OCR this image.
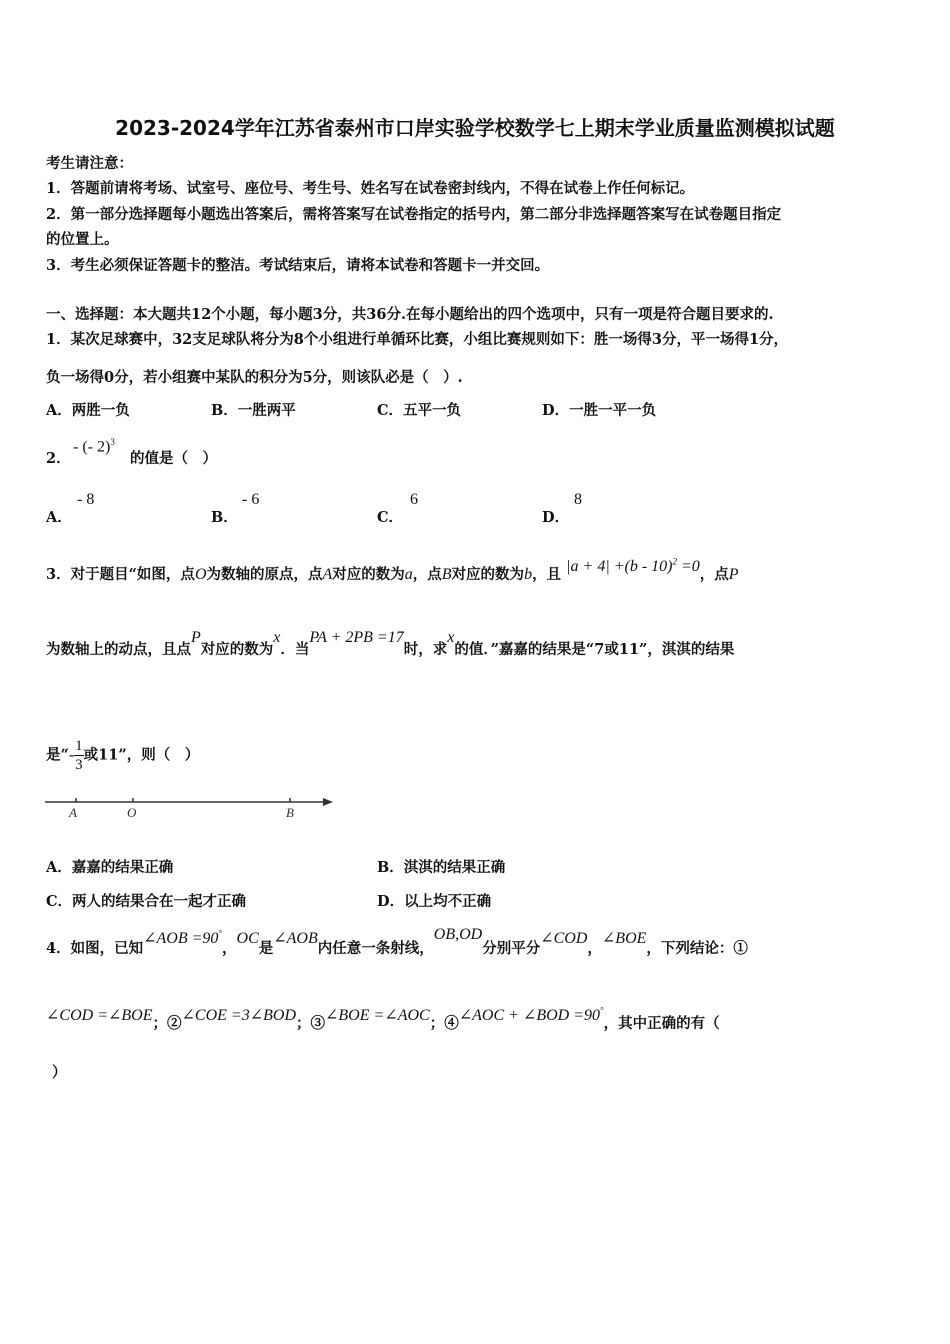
2023-2024学年江苏省泰州市口岸实验学校数学七上期末学业质量监测模拟试题
考生请注意：
1．答题前请将考场、试室号、座位号、考生号、姓名写在试卷密封线内，不得在试卷上作任何标记。
2．第一部分选择题每小题选出答案后，需将答案写在试卷指定的括号内，第二部分非选择题答案写在试卷题目指定
的位置上。
3．考生必须保证答题卡的整洁。考试结束后，请将本试卷和答题卡一并交回。
一、选择题：本大题共12个小题，每小题3分，共36分.在每小题给出的四个选项中，只有一项是符合题目要求的.
1．某次足球赛中，32支足球队将分为8个小组进行单循环比赛，小组比赛规则如下：胜一场得3分，平一场得1分，
负一场得0分，若小组赛中某队的积分为5分，则该队必是（　）.
A．两胜一负	B．一胜两平	C．五平一负	D．一胜一平一负
2．
- (- 2)$^3$
的值是（　）
A．
- 8
B．
- 6
C．
6
D．
8
3．对于题目“如图，点O为数轴的原点，点A对应的数为a，点B对应的数为b，且 |a + 4| +(b - 10)$^2$ =0，点P
为数轴上的动点，且点P对应的数为x．当PA + 2PB =17时，求x的值．”嘉嘉的结果是“7或11”，淇淇的结果
是“- $\frac{1}{3}$ 或11”，则（　）
A	O	B
A．嘉嘉的结果正确	B．淇淇的结果正确
C．两人的结果合在一起才正确	D．以上均不正确
4．如图，已知∠AOB =90°，OC是∠AOB内任意一条射线，OB,OD分别平分∠COD，∠BOE，下列结论：①
∠COD =∠BOE；②∠COE =3∠BOD；③∠BOE =∠AOC；④∠AOC + ∠BOD =90°，其中正确的有（
）
